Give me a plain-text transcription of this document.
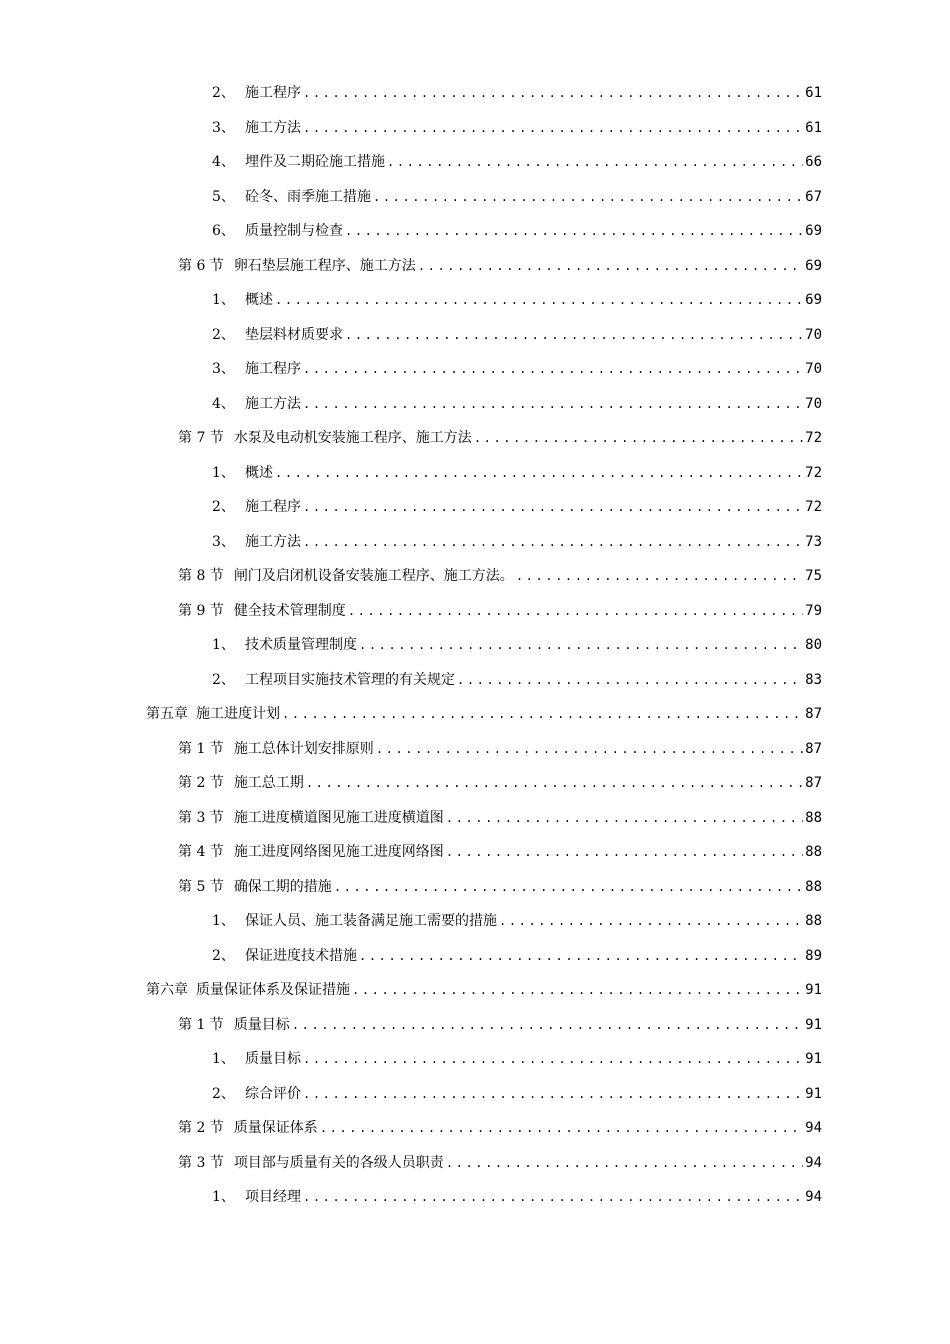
2、 施工程序 .....	61
3、 施工方法 .....	61
4、 埋件及二期砼施工措施 .....	66
5、 砼冬、雨季施工措施 .....	67
6、 质量控制与检查 .....	69
第 6 节 卵石垫层施工程序、施工方法 .....	69
1、 概述 .....	69
2、 垫层料材质要求 .....	70
3、 施工程序 .....	70
4、 施工方法 .....	70
第 7 节 水泵及电动机安装施工程序、施工方法 .....	72
1、 概述 .....	72
2、 施工程序 .....	72
3、 施工方法 .....	73
第 8 节 闸门及启闭机设备安装施工程序、施工方法。 .....	75
第 9 节 健全技术管理制度 .....	79
1、 技术质量管理制度 .....	80
2、 工程项目实施技术管理的有关规定 .....	83
第五章 施工进度计划 .....	87
第 1 节 施工总体计划安排原则 .....	87
第 2 节 施工总工期 .....	87
第 3 节 施工进度横道图见施工进度横道图 .....	88
第 4 节 施工进度网络图见施工进度网络图 .....	88
第 5 节 确保工期的措施 .....	88
1、 保证人员、施工装备满足施工需要的措施 .....	88
2、 保证进度技术措施 .....	89
第六章 质量保证体系及保证措施 .....	91
第 1 节 质量目标 .....	91
1、 质量目标 .....	91
2、 综合评价 .....	91
第 2 节 质量保证体系 .....	94
第 3 节 项目部与质量有关的各级人员职责 .....	94
1、 项目经理 .....	94
